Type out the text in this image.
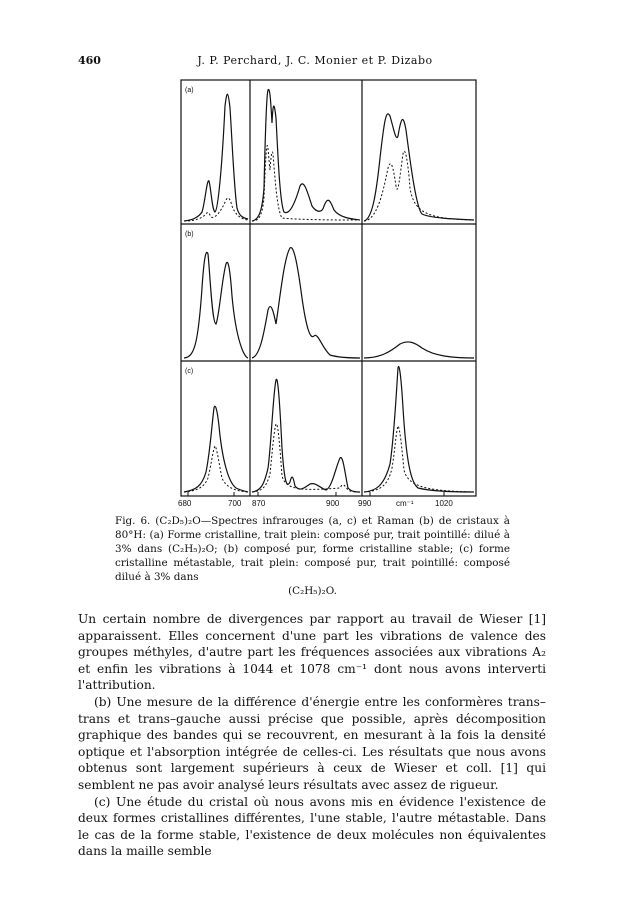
460	J. P. Perchard, J. C. Monier et P. Dizabo
(a)
(b)
(c)
680	700 870	900 990	cm⁻¹	1020
Fig. 6. (C₂D₅)₂O—Spectres infrarouges (a, c) et Raman (b) de cristaux à 80°H: (a) Forme cristalline, trait plein: composé pur, trait pointillé: dilué à 3% dans (C₂H₅)₂O; (b) composé pur, forme cristalline stable; (c) forme cristalline métastable, trait plein: composé pur, trait pointillé: composé dilué à 3% dans
(C₂H₅)₂O.

Un certain nombre de divergences par rapport au travail de Wieser [1] apparaissent. Elles concernent d'une part les vibrations de valence des groupes méthyles, d'autre part les fréquences associées aux vibrations A₂ et enfin les vibrations à 1044 et 1078 cm⁻¹ dont nous avons interverti l'attribution.

(b) Une mesure de la différence d'énergie entre les conformères trans–trans et trans–gauche aussi précise que possible, après décomposition graphique des bandes qui se recouvrent, en mesurant à la fois la densité optique et l'absorption intégrée de celles-ci. Les résultats que nous avons obtenus sont largement supérieurs à ceux de Wieser et coll. [1] qui semblent ne pas avoir analysé leurs résultats avec assez de rigueur.

(c) Une étude du cristal où nous avons mis en évidence l'existence de deux formes cristallines différentes, l'une stable, l'autre métastable. Dans le cas de la forme stable, l'existence de deux molécules non équivalentes dans la maille semble
